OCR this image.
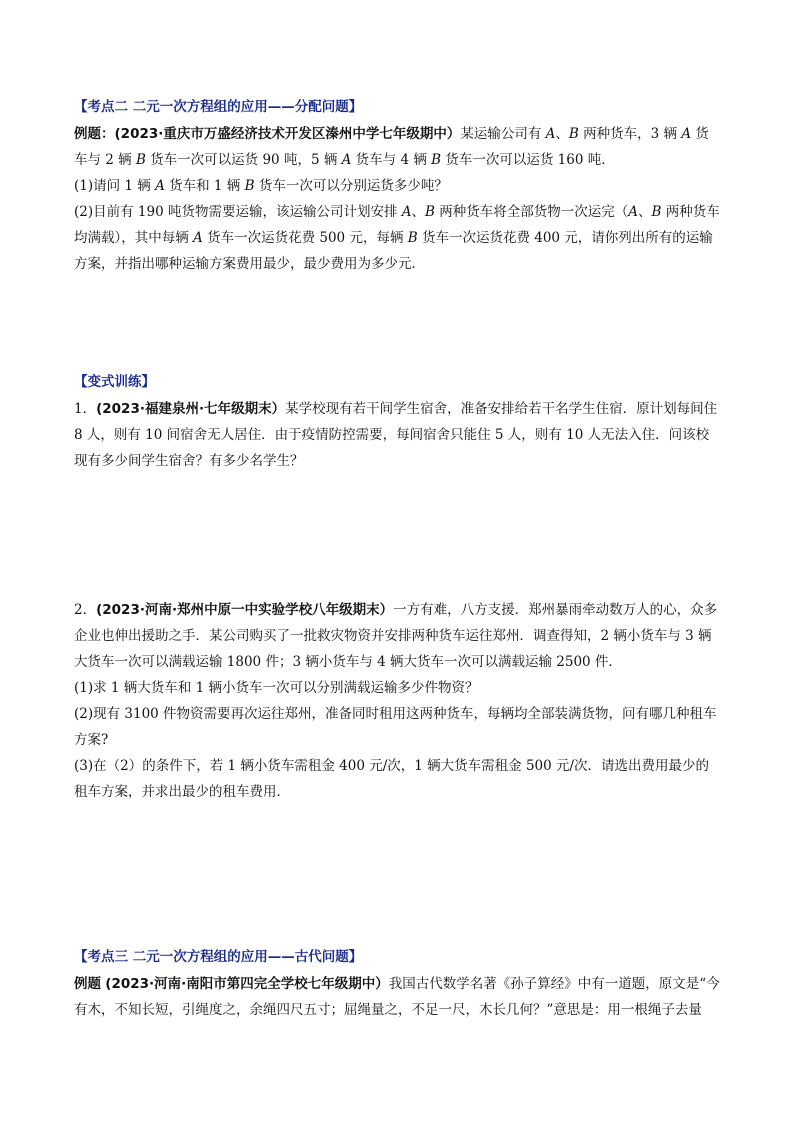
【考点二 二元一次方程组的应用——分配问题】

例题：(2023·重庆市万盛经济技术开发区溱州中学七年级期中）某运输公司有 A、B 两种货车，3 辆 A 货车与 2 辆 B 货车一次可以运货 90 吨，5 辆 A 货车与 4 辆 B 货车一次可以运货 160 吨．

(1)请问 1 辆 A 货车和 1 辆 B 货车一次可以分别运货多少吨？

(2)目前有 190 吨货物需要运输，该运输公司计划安排 A、B 两种货车将全部货物一次运完（A、B 两种货车均满载），其中每辆 A 货车一次运货花费 500 元，每辆 B 货车一次运货花费 400 元，请你列出所有的运输方案，并指出哪种运输方案费用最少，最少费用为多少元．

【变式训练】

1．(2023·福建泉州·七年级期末）某学校现有若干间学生宿舍，准备安排给若干名学生住宿．原计划每间住 8 人，则有 10 间宿舍无人居住．由于疫情防控需要，每间宿舍只能住 5 人，则有 10 人无法入住．问该校现有多少间学生宿舍？有多少名学生？

2．(2023·河南·郑州中原一中实验学校八年级期末）一方有难，八方支援．郑州暴雨牵动数万人的心，众多企业也伸出援助之手．某公司购买了一批救灾物资并安排两种货车运往郑州．调查得知，2 辆小货车与 3 辆大货车一次可以满载运输 1800 件；3 辆小货车与 4 辆大货车一次可以满载运输 2500 件．

(1)求 1 辆大货车和 1 辆小货车一次可以分别满载运输多少件物资？

(2)现有 3100 件物资需要再次运往郑州，准备同时租用这两种货车，每辆均全部装满货物，问有哪几种租车方案?

(3)在（2）的条件下，若 1 辆小货车需租金 400 元/次，1 辆大货车需租金 500 元/次．请选出费用最少的租车方案，并求出最少的租车费用．

【考点三 二元一次方程组的应用——古代问题】

例题 (2023·河南·南阳市第四完全学校七年级期中）我国古代数学名著《孙子算经》中有一道题，原文是“今有木，不知长短，引绳度之，余绳四尺五寸；屈绳量之，不足一尺，木长几何？”意思是：用一根绳子去量
